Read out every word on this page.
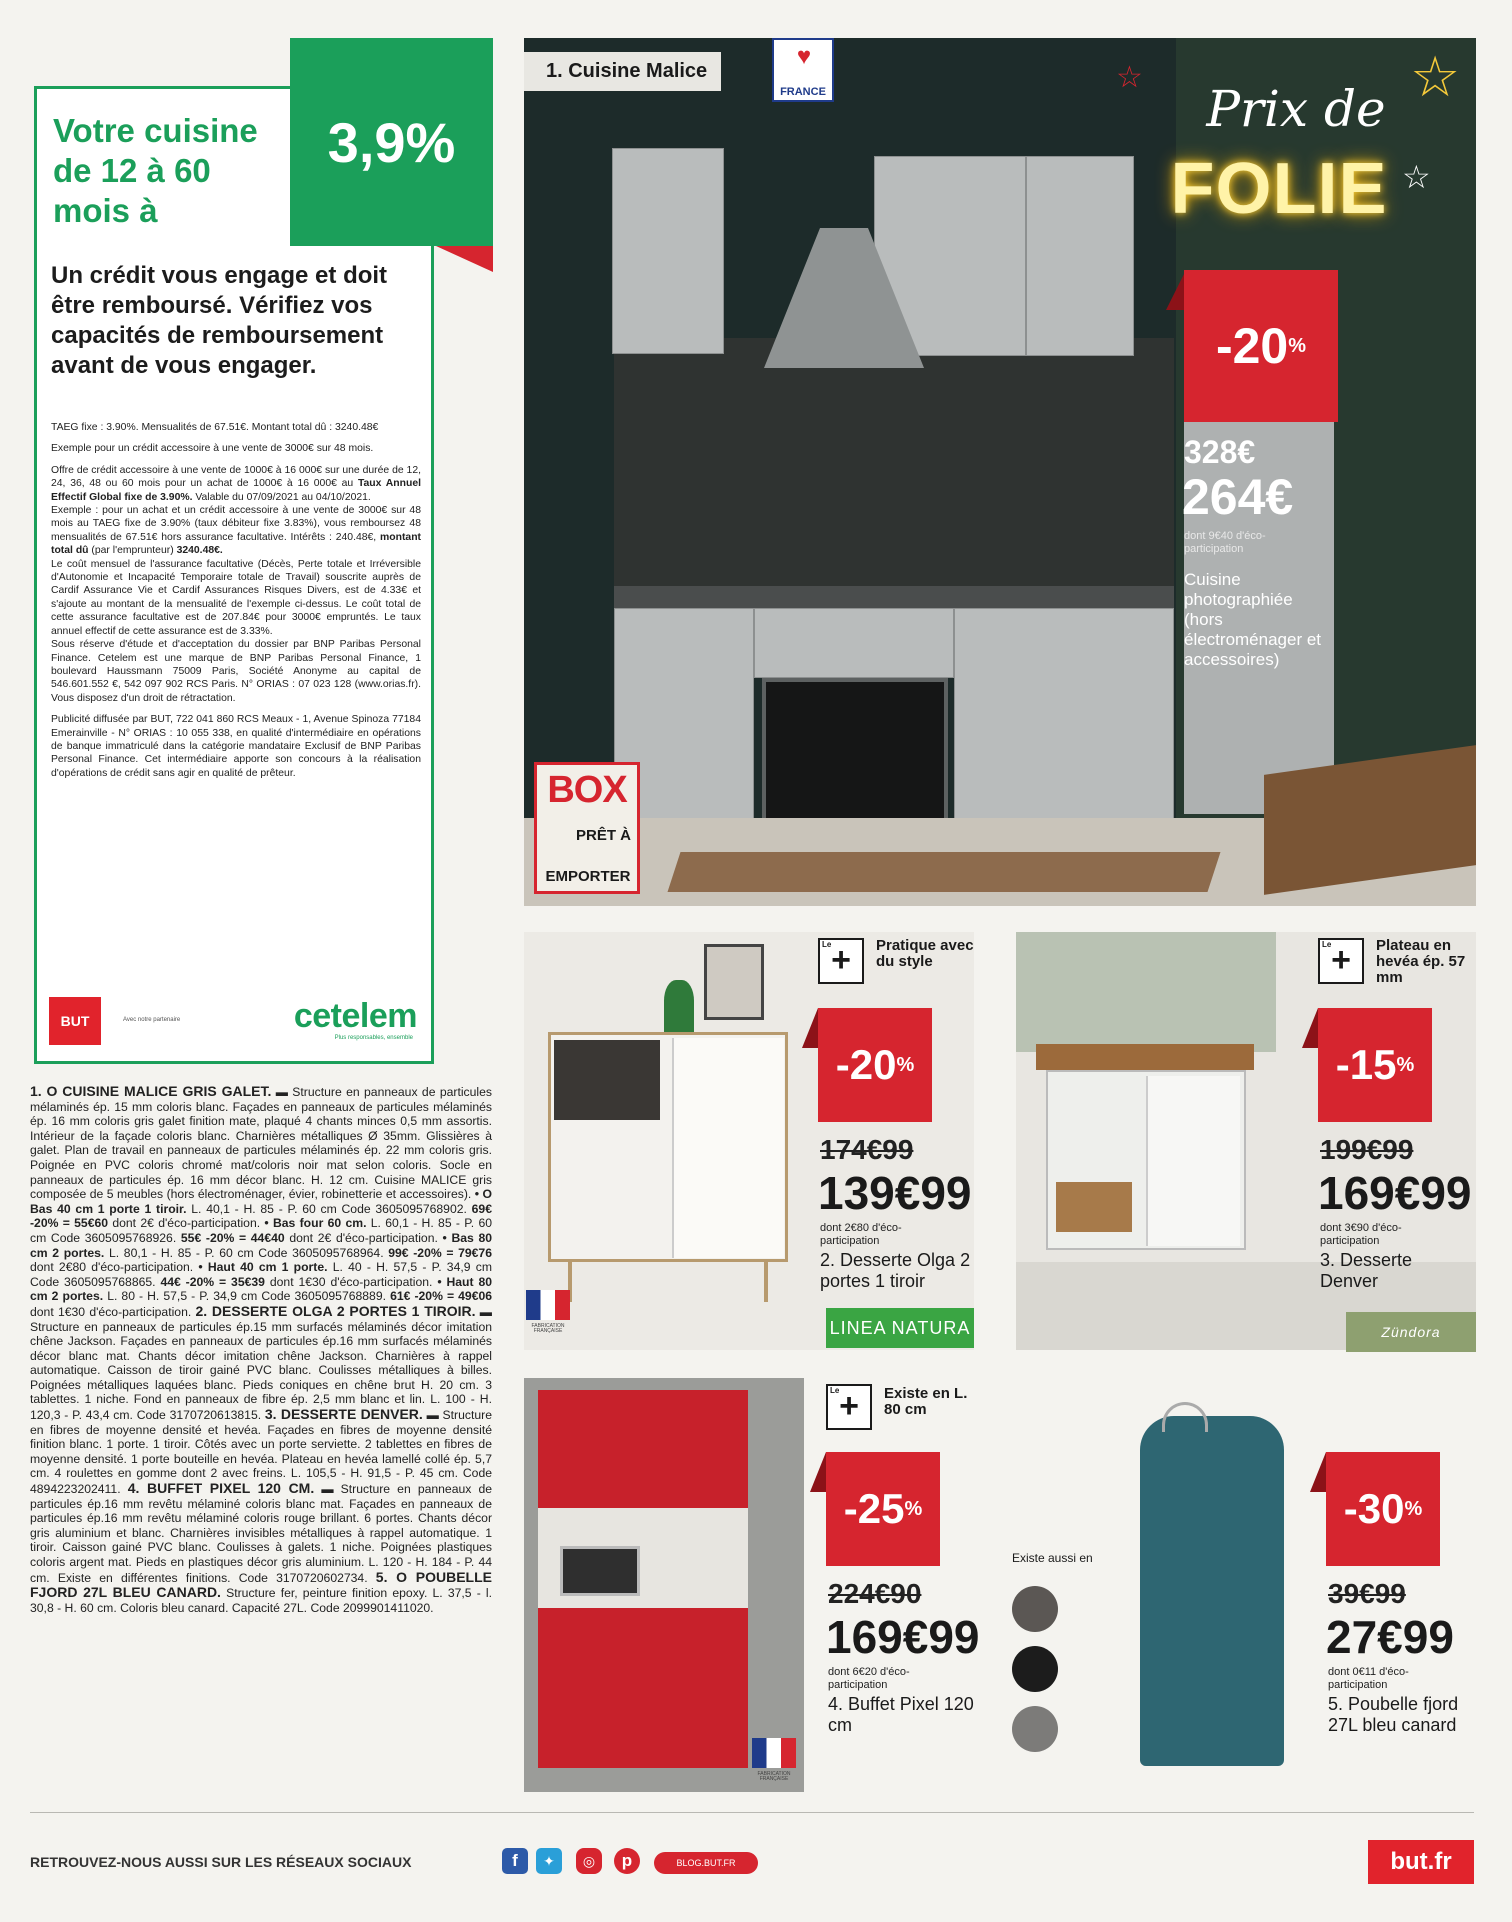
Votre cuisine de 12 à 60 mois à
Un crédit vous engage et doit être remboursé. Vérifiez vos capacités de remboursement avant de vous engager.

TAEG fixe : 3.90%. Mensualités de 67.51€. Montant total dû : 3240.48€

Exemple pour un crédit accessoire à une vente de 3000€ sur 48 mois.

Offre de crédit accessoire à une vente de 1000€ à 16 000€ sur une durée de 12, 24, 36, 48 ou 60 mois pour un achat de 1000€ à 16 000€ au Taux Annuel Effectif Global fixe de 3.90%. Valable du 07/09/2021 au 04/10/2021.
Exemple : pour un achat et un crédit accessoire à une vente de 3000€ sur 48 mois au TAEG fixe de 3.90% (taux débiteur fixe 3.83%), vous remboursez 48 mensualités de 67.51€ hors assurance facultative. Intérêts : 240.48€, montant total dû (par l'emprunteur) 3240.48€.
Le coût mensuel de l'assurance facultative (Décès, Perte totale et Irréversible d'Autonomie et Incapacité Temporaire totale de Travail) souscrite auprès de Cardif Assurance Vie et Cardif Assurances Risques Divers, est de 4.33€ et s'ajoute au montant de la mensualité de l'exemple ci-dessus. Le coût total de cette assurance facultative est de 207.84€ pour 3000€ empruntés. Le taux annuel effectif de cette assurance est de 3.33%.
Sous réserve d'étude et d'acceptation du dossier par BNP Paribas Personal Finance. Cetelem est une marque de BNP Paribas Personal Finance, 1 boulevard Haussmann 75009 Paris, Société Anonyme au capital de 546.601.552 €, 542 097 902 RCS Paris. N° ORIAS : 07 023 128 (www.orias.fr). Vous disposez d'un droit de rétractation.

Publicité diffusée par BUT, 722 041 860 RCS Meaux - 1, Avenue Spinoza 77184 Emerainville - N° ORIAS : 10 055 338, en qualité d'intermédiaire en opérations de banque immatriculé dans la catégorie mandataire Exclusif de BNP Paribas Personal Finance. Cet intermédiaire apporte son concours à la réalisation d'opérations de crédit sans agir en qualité de prêteur.

BUT	Avec notre partenaire	cetelem
Plus responsables, ensemble
3,9%
1. O CUISINE MALICE GRIS GALET. ▬ Structure en panneaux de particules mélaminés ép. 15 mm coloris blanc. Façades en panneaux de particules mélaminés ép. 16 mm coloris gris galet finition mate, plaqué 4 chants minces 0,5 mm assortis. Intérieur de la façade coloris blanc. Charnières métalliques Ø 35mm. Glissières à galet. Plan de travail en panneaux de particules mélaminés ép. 22 mm coloris gris. Poignée en PVC coloris chromé mat/coloris noir mat selon coloris. Socle en panneaux de particules ép. 16 mm décor blanc. H. 12 cm. Cuisine MALICE gris composée de 5 meubles (hors électroménager, évier, robinetterie et accessoires). • O Bas 40 cm 1 porte 1 tiroir. L. 40,1 - H. 85 - P. 60 cm Code 3605095768902. 69€ -20% = 55€60 dont 2€ d'éco-participation. • Bas four 60 cm. L. 60,1 - H. 85 - P. 60 cm Code 3605095768926. 55€ -20% = 44€40 dont 2€ d'éco-participation. • Bas 80 cm 2 portes. L. 80,1 - H. 85 - P. 60 cm Code 3605095768964. 99€ -20% = 79€76 dont 2€80 d'éco-participation. • Haut 40 cm 1 porte. L. 40 - H. 57,5 - P. 34,9 cm Code 3605095768865. 44€ -20% = 35€39 dont 1€30 d'éco-participation. • Haut 80 cm 2 portes. L. 80 - H. 57,5 - P. 34,9 cm Code 3605095768889. 61€ -20% = 49€06 dont 1€30 d'éco-participation. 2. DESSERTE OLGA 2 PORTES 1 TIROIR. ▬ Structure en panneaux de particules ép.15 mm surfacés mélaminés décor imitation chêne Jackson. Façades en panneaux de particules ép.16 mm surfacés mélaminés décor blanc mat. Chants décor imitation chêne Jackson. Charnières à rappel automatique. Caisson de tiroir gainé PVC blanc. Coulisses métalliques à billes. Poignées métalliques laquées blanc. Pieds coniques en chêne brut H. 20 cm. 3 tablettes. 1 niche. Fond en panneaux de fibre ép. 2,5 mm blanc et lin. L. 100 - H. 120,3 - P. 43,4 cm. Code 3170720613815. 3. DESSERTE DENVER. ▬ Structure en fibres de moyenne densité et hevéa. Façades en fibres de moyenne densité finition blanc. 1 porte. 1 tiroir. Côtés avec un porte serviette. 2 tablettes en fibres de moyenne densité. 1 porte bouteille en hevéa. Plateau en hevéa lamellé collé ép. 5,7 cm. 4 roulettes en gomme dont 2 avec freins. L. 105,5 - H. 91,5 - P. 45 cm. Code 4894223202411. 4. BUFFET PIXEL 120 CM. ▬ Structure en panneaux de particules ép.16 mm revêtu mélaminé coloris blanc mat. Façades en panneaux de particules ép.16 mm revêtu mélaminé coloris rouge brillant. 6 portes. Chants décor gris aluminium et blanc. Charnières invisibles métalliques à rappel automatique. 1 tiroir. Caisson gainé PVC blanc. Coulisses à galets. 1 niche. Poignées plastiques coloris argent mat. Pieds en plastiques décor gris aluminium. L. 120 - H. 184 - P. 44 cm. Existe en différentes finitions. Code 3170720602734. 5. O POUBELLE FJORD 27L BLEU CANARD. Structure fer, peinture finition epoxy. L. 37,5 - l. 30,8 - H. 60 cm. Coloris bleu canard. Capacité 27L. Code 2099901411020.
1. Cuisine Malice
♥
FRANCE	☆	☆
☆
Prix de
FOLIE
-20 %
328€
264€
dont 9€40 d'éco-participation
Cuisine photographiée (hors électroménager et accessoires)
BOX
PRÊT À
EMPORTER
FABRICATION FRANÇAISE
Le +	Pratique avec du style
-20 %
174€99
139€99
dont 2€80 d'éco-participation
2. Desserte Olga 2 portes 1 tiroir
LINEA NATURA
Le +	Plateau en hevéa ép. 57 mm
-15 %
199€99
169€99
dont 3€90 d'éco-participation
3. Desserte Denver
Zündora
FABRICATION FRANÇAISE
Le +	Existe en L. 80 cm
-25 %
224€90
169€99
dont 6€20 d'éco-participation
4. Buffet Pixel 120 cm
Existe aussi en
-30 %
39€99
27€99
dont 0€11 d'éco-participation
5. Poubelle fjord 27L bleu canard
RETROUVEZ-NOUS AUSSI SUR LES RÉSEAUX SOCIAUX	f	✦	◎	p	BLOG.BUT.FR	but.fr
